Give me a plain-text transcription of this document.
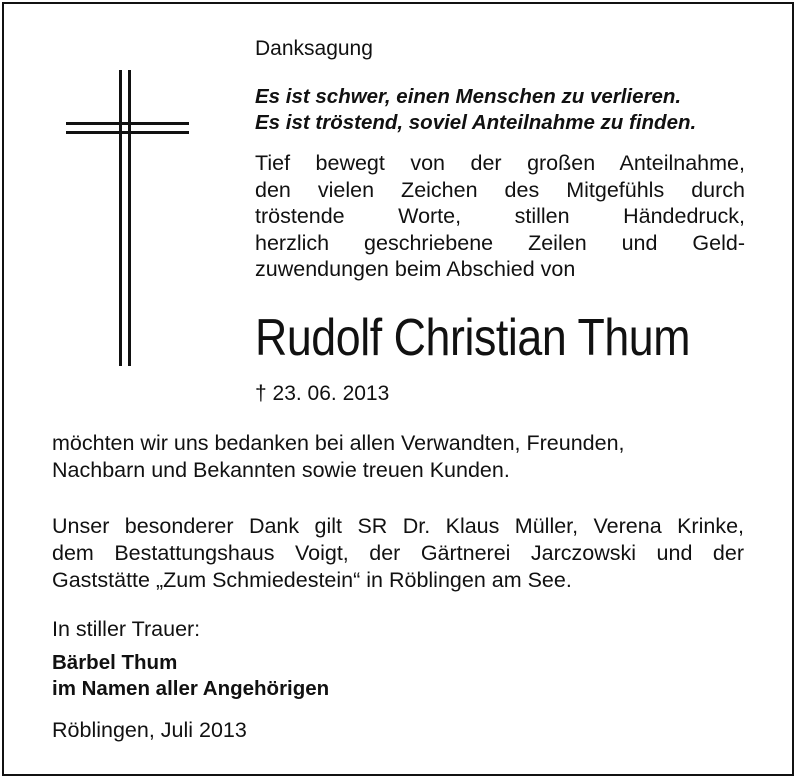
Danksagung

Es ist schwer, einen Menschen zu verlieren.
Es ist tröstend, soviel Anteilnahme zu finden.

Tief bewegt von der großen Anteilnahme,
den vielen Zeichen des Mitgefühls durch
tröstende Worte, stillen Händedruck,
herzlich geschriebene Zeilen und Geld-
zuwendungen beim Abschied von

Rudolf Christian Thum

† 23. 06. 2013

möchten wir uns bedanken bei allen Verwandten, Freunden,
Nachbarn und Bekannten sowie treuen Kunden.

Unser besonderer Dank gilt SR Dr. Klaus Müller, Verena Krinke,
dem Bestattungshaus Voigt, der Gärtnerei Jarczowski und der
Gaststätte „Zum Schmiedestein“ in Röblingen am See.

In stiller Trauer:

Bärbel Thum
im Namen aller Angehörigen

Röblingen, Juli 2013
